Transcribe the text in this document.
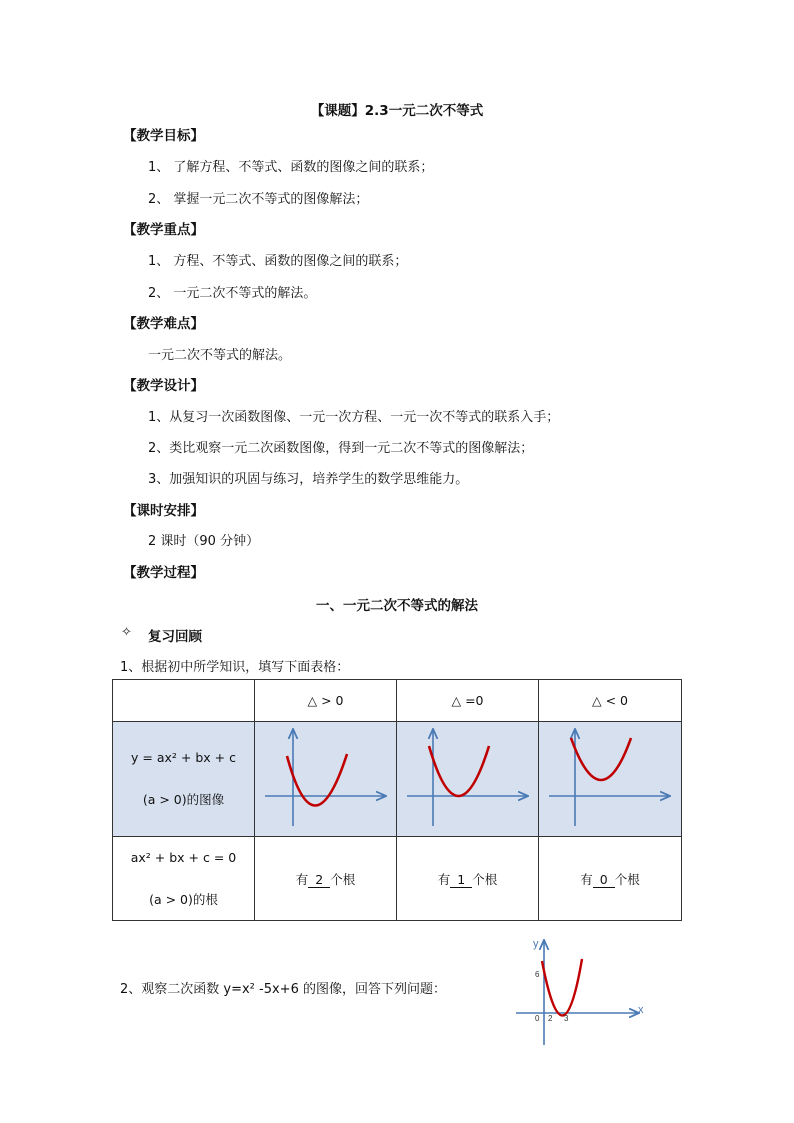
【课题】2.3一元二次不等式
【教学目标】
1、 了解方程、不等式、函数的图像之间的联系；
2、 掌握一元二次不等式的图像解法；
【教学重点】
1、 方程、不等式、函数的图像之间的联系；
2、 一元二次不等式的解法。
【教学难点】
一元二次不等式的解法。
【教学设计】
1、从复习一次函数图像、一元一次方程、一元一次不等式的联系入手；
2、类比观察一元二次函数图像，得到一元二次不等式的图像解法；
3、加强知识的巩固与练习，培养学生的数学思维能力。
【课时安排】
2 课时（90 分钟）
【教学过程】
一、一元二次不等式的解法
✧ 复习回顾
1、根据初中所学知识，填写下面表格：
	△ > 0	△ =0	△ < 0

y = ax² + bx + c
(a > 0)的图像

ax² + bx + c = 0
(a > 0)的根	有 2 个根	有 1 个根	有 0 个根
2、观察二次函数 y=x² -5x+6 的图像，回答下列问题：
y
x
6
0 2 3
